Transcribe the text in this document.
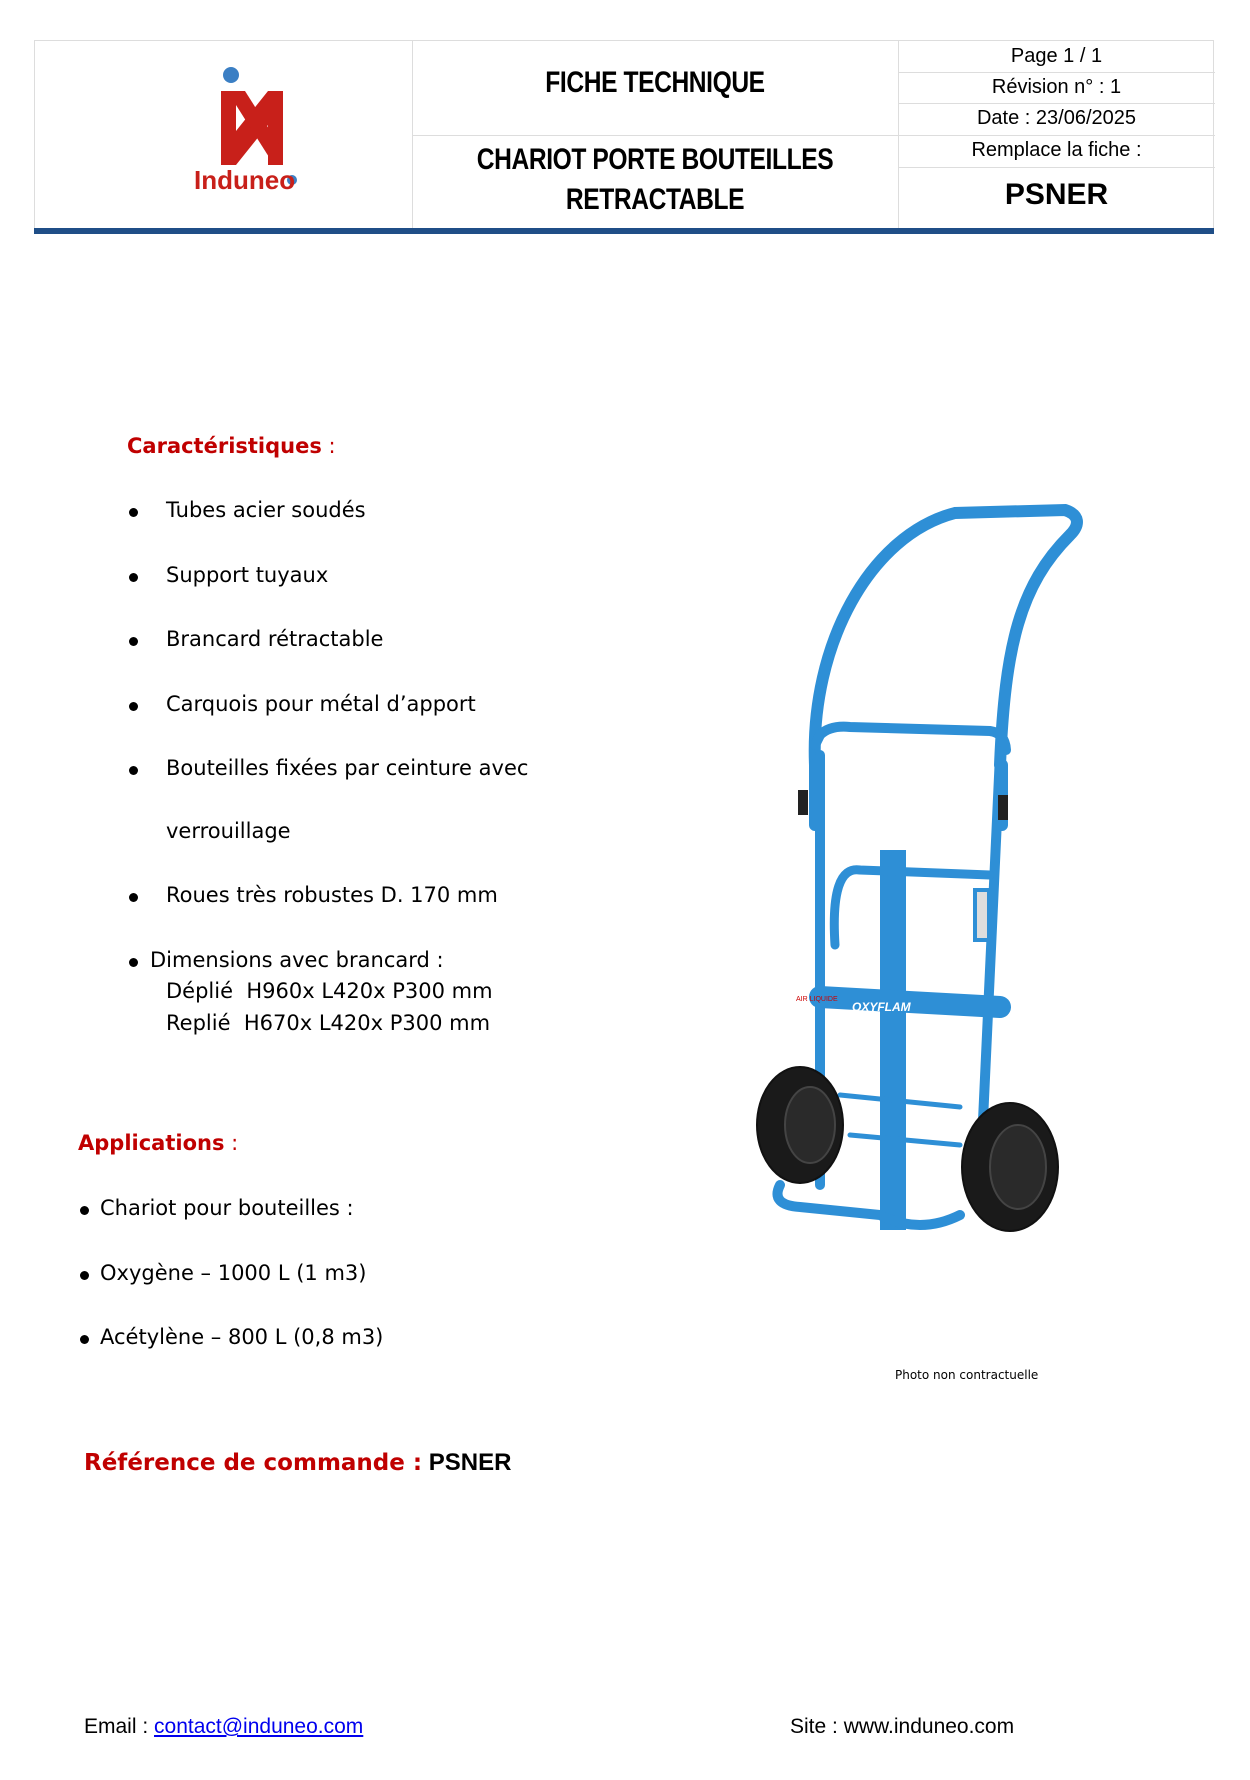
Induneo
FICHE TECHNIQUE
CHARIOT PORTE BOUTEILLES
RETRACTABLE
Page 1 / 1
Révision n° : 1
Date : 23/06/2025
Remplace la fiche :
PSNER
Caractéristiques :
Tubes acier soudés
Support tuyaux
Brancard rétractable
Carquois pour métal d’apport
Bouteilles fixées par ceinture avec
verrouillage
Roues très robustes D. 170 mm
Dimensions avec brancard :
Déplié  H960x L420x P300 mm
Replié  H670x L420x P300 mm
Applications :
Chariot pour bouteilles :
Oxygène – 1000 L (1 m3)
Acétylène – 800 L (0,8 m3)
OXYFLAM
AIR LIQUIDE
Photo non contractuelle
Référence de commande : PSNER
Email : contact@induneo.com	Site : www.induneo.com
